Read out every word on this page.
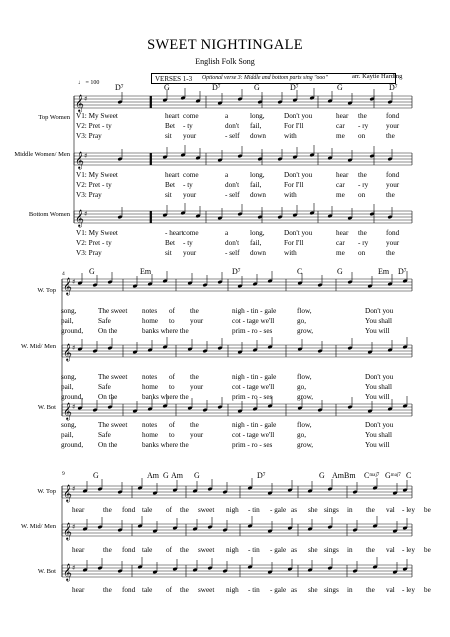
SWEET NIGHTINGALE
English Folk Song
arr. Kaytie Harding
♩ = 100
VERSES 1-3 Optional verse 3: Middle and bottom parts sing "ooo"
𝄞 ♯
𝄞 ♯
𝄞 ♯
𝄞 ♯
𝄞 ♯
𝄞 ♯
𝄞 ♯
𝄞 ♯
𝄞 ♯
Top Women
Middle Women/ Men
Bottom Women
W. Top
W. Mid/ Men
W. Bot
W. Top
W. Mid/ Men
W. Bot
4
9
D⁷	G	D⁷	G	D⁷	G	D⁷
V1: My Sweet	heart come	a	long,	Don't you	hear the	fond
V2: Pret - ty	Bet - ty	don't fail,	For I'll	car - ry your
V3: Pray	sit your	- self down	with	me on	the
V1: My Sweet	heart come	a	long,	Don't you	hear the	fond
V2: Pret - ty	Bet - ty	don't fail,	For I'll	car - ry your
V3: Pray	sit your	- self down	with	me on	the
V1: My Sweet	- heart come	a	long,	Don't you	hear the	fond
V2: Pret - ty	Bet - ty	don't fail,	For I'll	car - ry your
V3: Pray	sit your	- self down	with	me on	the
G	Em	D⁷	C	G	Em D⁷
song,	The sweet notes of the	nigh - tin - gale	flow,	Don't you
song,	The sweet notes of the	nigh - tin - gale	flow,	Don't you
pail,	Safe	home to your	cot - tage we'll	go,	You shall
pail,	Safe	home to your	cot - tage we'll	go,	You shall
ground, On the	banks where the	prim - ro - ses	grow,	You will
ground, On the	banks where the	prim - ro - ses	grow,	You will
song,	The sweet notes of the	nigh - tin - gale	flow,	Don't you
pail,	Safe	home to your	cot - tage we'll	go,	You shall
ground, On the	banks where the	prim - ro - ses	grow,	You will
G	Am G Am G	D⁷	G Am Bm Cᵐᵃʲ⁷ Gᵐᵃʲ⁷ C
hear	the fond tale of the sweet nigh - tin - gale as she sings in the val - ley be
hear	the fond tale of the sweet nigh - tin - gale as she sings in the val - ley be
hear	the fond tale of the sweet nigh - tin - gale as she sings in the val - ley be
